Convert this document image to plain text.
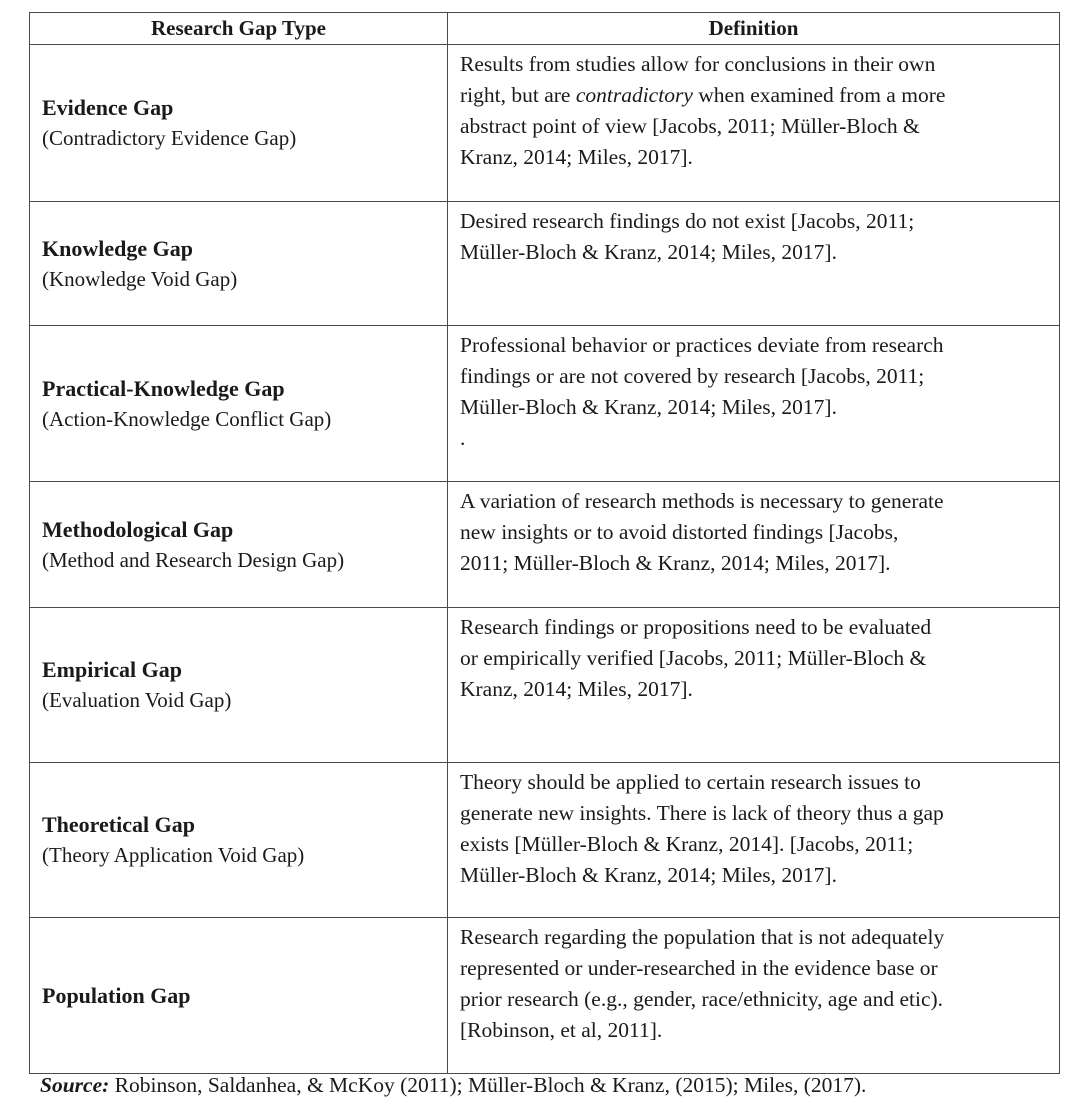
Research Gap Type	Definition

Evidence Gap
(Contradictory Evidence Gap)	Results from studies allow for conclusions in their own
right, but are contradictory when examined from a more
abstract point of view [Jacobs, 2011; Müller-Bloch &
Kranz, 2014; Miles, 2017].

Knowledge Gap
(Knowledge Void Gap)	Desired research findings do not exist [Jacobs, 2011;
Müller-Bloch & Kranz, 2014; Miles, 2017].

Practical-Knowledge Gap
(Action-Knowledge Conflict Gap)	Professional behavior or practices deviate from research
findings or are not covered by research [Jacobs, 2011;
Müller-Bloch & Kranz, 2014; Miles, 2017].
.

Methodological Gap
(Method and Research Design Gap)	A variation of research methods is necessary to generate
new insights or to avoid distorted findings [Jacobs,
2011; Müller-Bloch & Kranz, 2014; Miles, 2017].

Empirical Gap
(Evaluation Void Gap)	Research findings or propositions need to be evaluated
or empirically verified [Jacobs, 2011; Müller-Bloch &
Kranz, 2014; Miles, 2017].

Theoretical Gap
(Theory Application Void Gap)	Theory should be applied to certain research issues to
generate new insights. There is lack of theory thus a gap
exists [Müller-Bloch & Kranz, 2014]. [Jacobs, 2011;
Müller-Bloch & Kranz, 2014; Miles, 2017].

Population Gap	Research regarding the population that is not adequately
represented or under-researched in the evidence base or
prior research (e.g., gender, race/ethnicity, age and etic).
[Robinson, et al, 2011].
Source: Robinson, Saldanhea, & McKoy (2011); Müller-Bloch & Kranz, (2015); Miles, (2017).
